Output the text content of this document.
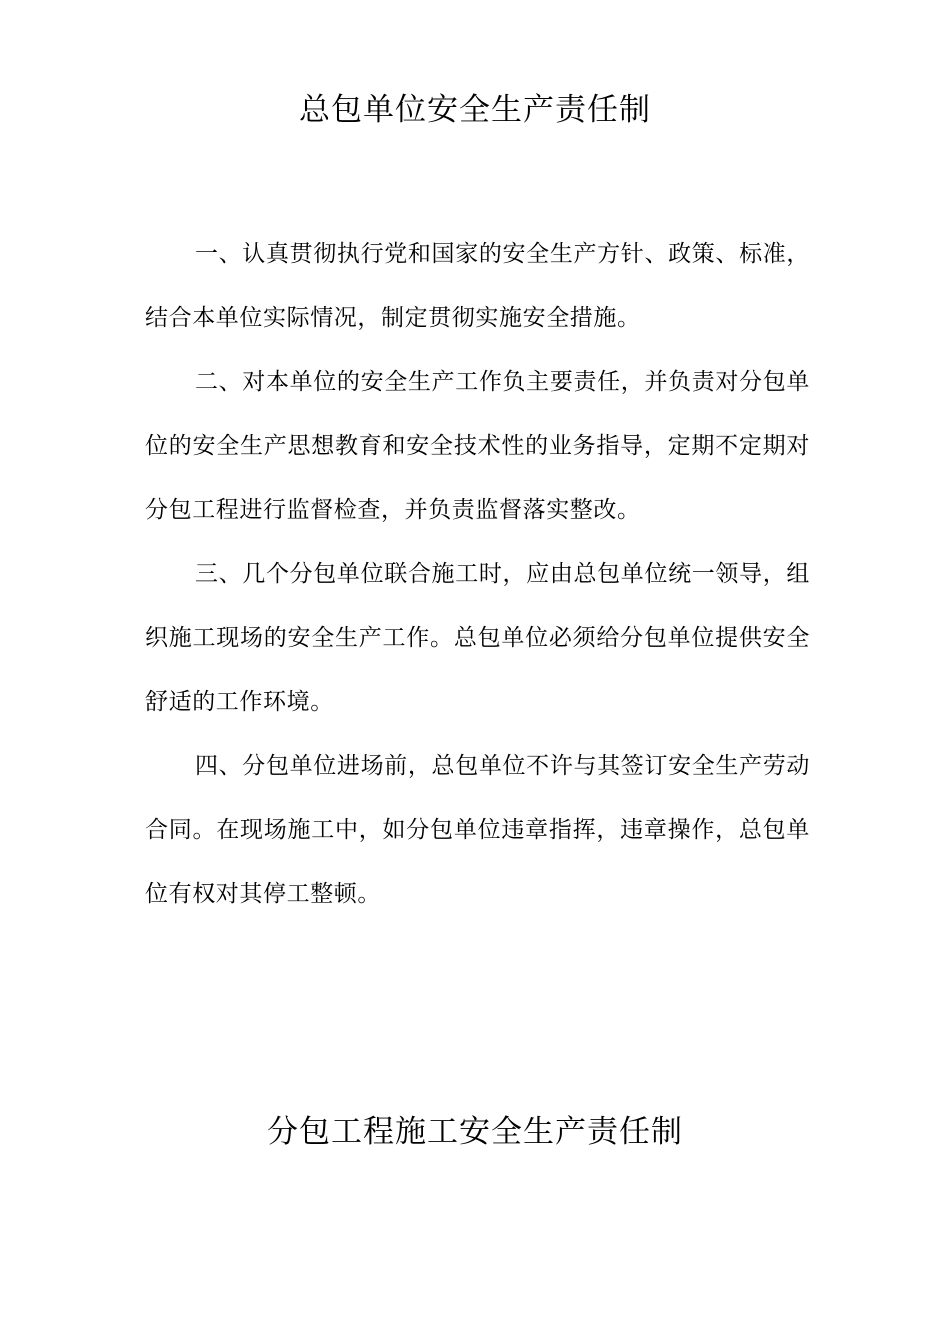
总包单位安全生产责任制

一、认真贯彻执行党和国家的安全生产方针、政策、标准，结合本单位实际情况，制定贯彻实施安全措施。

二、对本单位的安全生产工作负主要责任，并负责对分包单位的安全生产思想教育和安全技术性的业务指导，定期不定期对分包工程进行监督检查，并负责监督落实整改。

三、几个分包单位联合施工时，应由总包单位统一领导，组织施工现场的安全生产工作。总包单位必须给分包单位提供安全舒适的工作环境。

四、分包单位进场前，总包单位不许与其签订安全生产劳动合同。在现场施工中，如分包单位违章指挥，违章操作，总包单位有权对其停工整顿。

分包工程施工安全生产责任制
